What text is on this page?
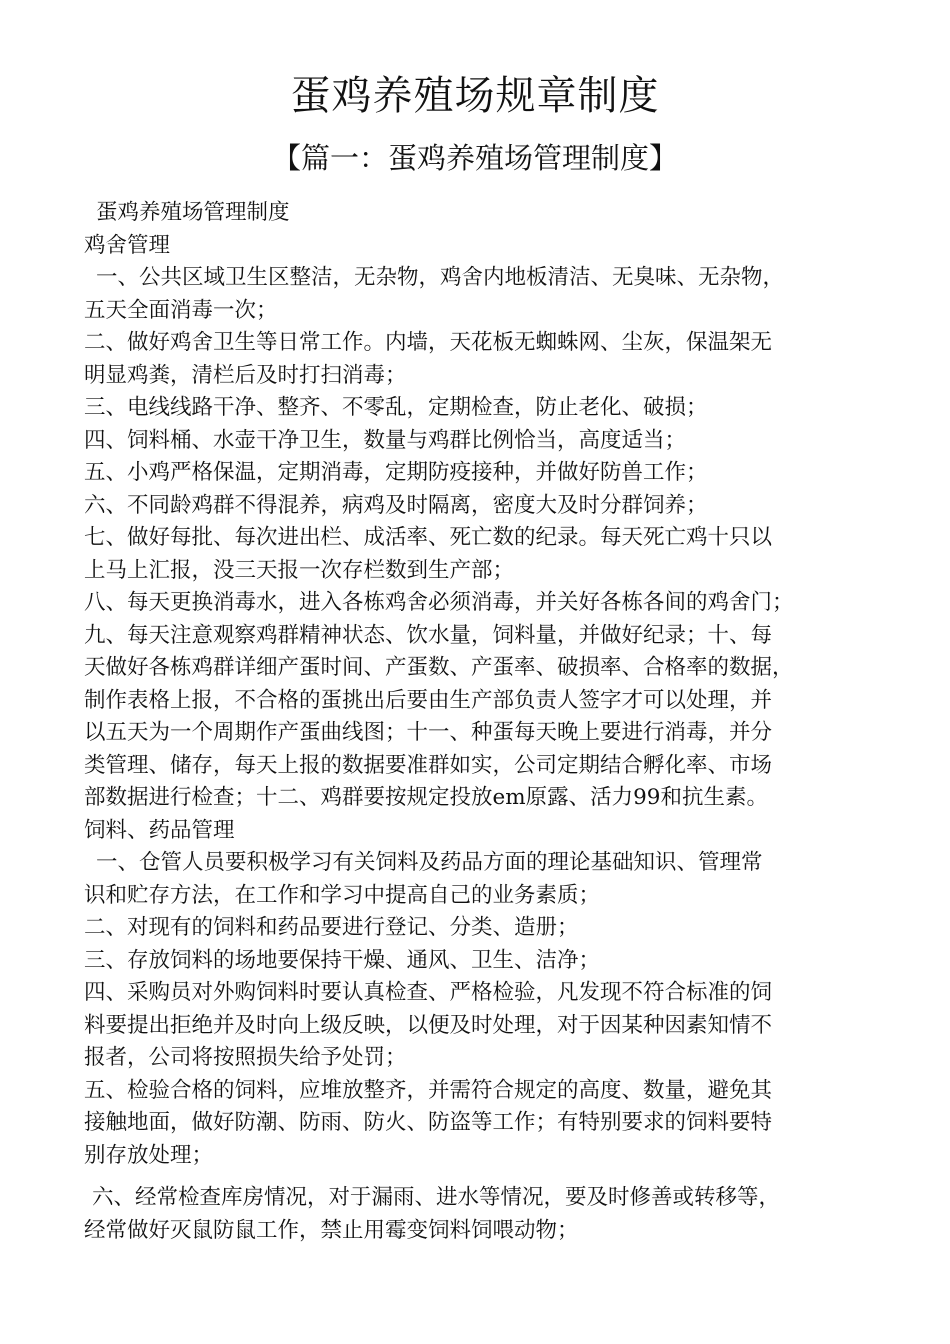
蛋鸡养殖场规章制度
【篇一：蛋鸡养殖场管理制度】
蛋鸡养殖场管理制度
鸡舍管理
一、公共区域卫生区整洁，无杂物，鸡舍内地板清洁、无臭味、无杂物，
五天全面消毒一次；
二、做好鸡舍卫生等日常工作。内墙，天花板无蜘蛛网、尘灰，保温架无
明显鸡粪，清栏后及时打扫消毒；
三、电线线路干净、整齐、不零乱，定期检查，防止老化、破损；
四、饲料桶、水壶干净卫生，数量与鸡群比例恰当，高度适当；
五、小鸡严格保温，定期消毒，定期防疫接种，并做好防兽工作；
六、不同龄鸡群不得混养，病鸡及时隔离，密度大及时分群饲养；
七、做好每批、每次进出栏、成活率、死亡数的纪录。每天死亡鸡十只以
上马上汇报，没三天报一次存栏数到生产部；
八、每天更换消毒水，进入各栋鸡舍必须消毒，并关好各栋各间的鸡舍门；
九、每天注意观察鸡群精神状态、饮水量，饲料量，并做好纪录；十、每
天做好各栋鸡群详细产蛋时间、产蛋数、产蛋率、破损率、合格率的数据，
制作表格上报，不合格的蛋挑出后要由生产部负责人签字才可以处理，并
以五天为一个周期作产蛋曲线图；十一、种蛋每天晚上要进行消毒，并分
类管理、储存，每天上报的数据要准群如实，公司定期结合孵化率、市场
部数据进行检查；十二、鸡群要按规定投放em原露、活力99和抗生素。
饲料、药品管理
一、仓管人员要积极学习有关饲料及药品方面的理论基础知识、管理常
识和贮存方法，在工作和学习中提高自己的业务素质；
二、对现有的饲料和药品要进行登记、分类、造册；
三、存放饲料的场地要保持干燥、通风、卫生、洁净；
四、采购员对外购饲料时要认真检查、严格检验，凡发现不符合标准的饲
料要提出拒绝并及时向上级反映，以便及时处理，对于因某种因素知情不
报者，公司将按照损失给予处罚；
五、检验合格的饲料，应堆放整齐，并需符合规定的高度、数量，避免其
接触地面，做好防潮、防雨、防火、防盗等工作；有特别要求的饲料要特
别存放处理；
六、经常检查库房情况，对于漏雨、进水等情况，要及时修善或转移等，
经常做好灭鼠防鼠工作，禁止用霉变饲料饲喂动物；
